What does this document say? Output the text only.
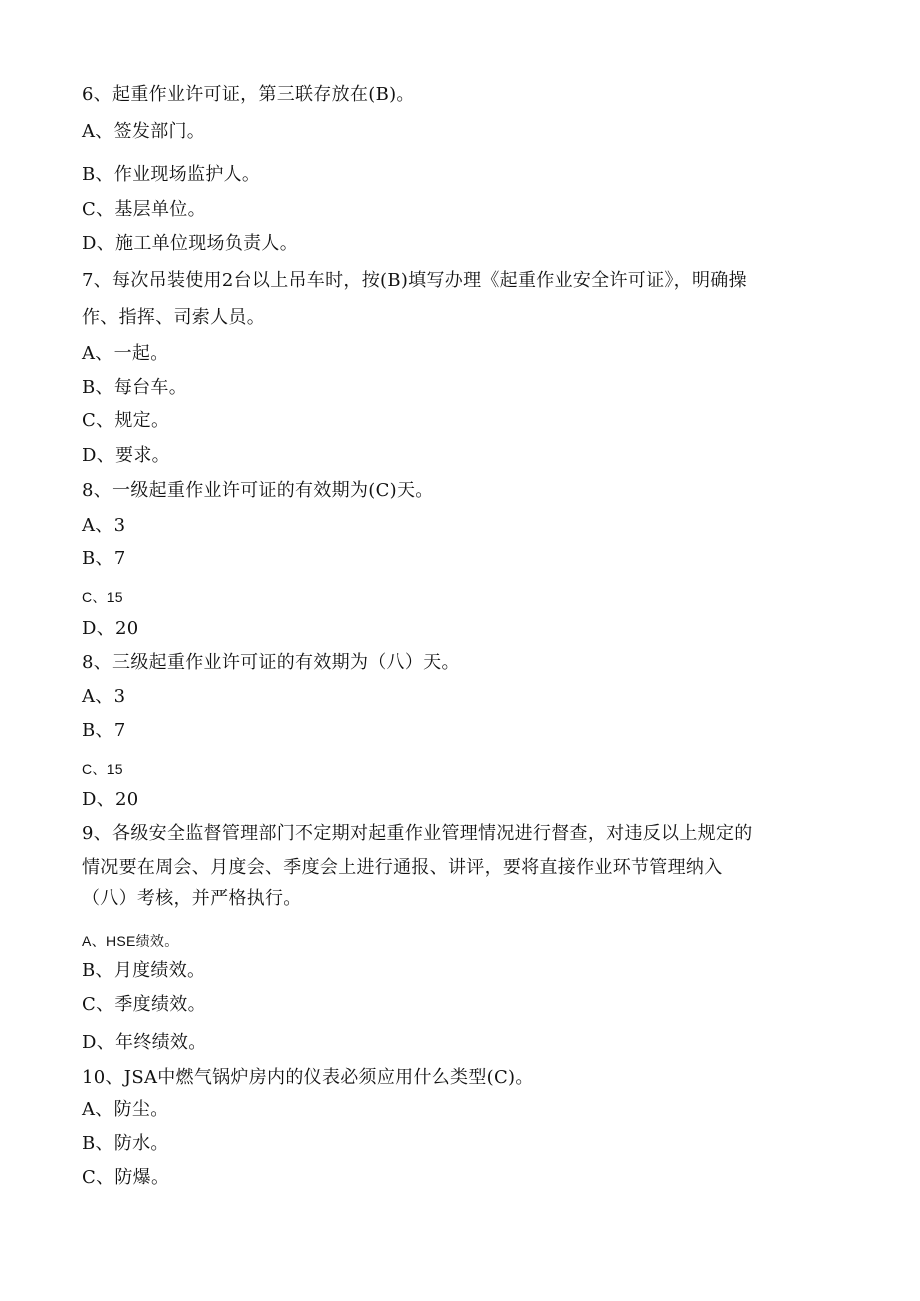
6、起重作业许可证，第三联存放在(B)。
A、签发部门。
B、作业现场监护人。
C、基层单位。
D、施工单位现场负责人。
7、每次吊装使用2台以上吊车时，按(B)填写办理《起重作业安全许可证》，明确操
作、指挥、司索人员。
A、一起。
B、每台车。
C、规定。
D、要求。
8、一级起重作业许可证的有效期为(C)天。
A、3
B、7
C、15
D、20
8、三级起重作业许可证的有效期为（八）天。
A、3
B、7
C、15
D、20
9、各级安全监督管理部门不定期对起重作业管理情况进行督查，对违反以上规定的
情况要在周会、月度会、季度会上进行通报、讲评，要将直接作业环节管理纳入
（八）考核，并严格执行。
A、HSE绩效。
B、月度绩效。
C、季度绩效。
D、年终绩效。
10、JSA中燃气锅炉房内的仪表必须应用什么类型(C)。
A、防尘。
B、防水。
C、防爆。
